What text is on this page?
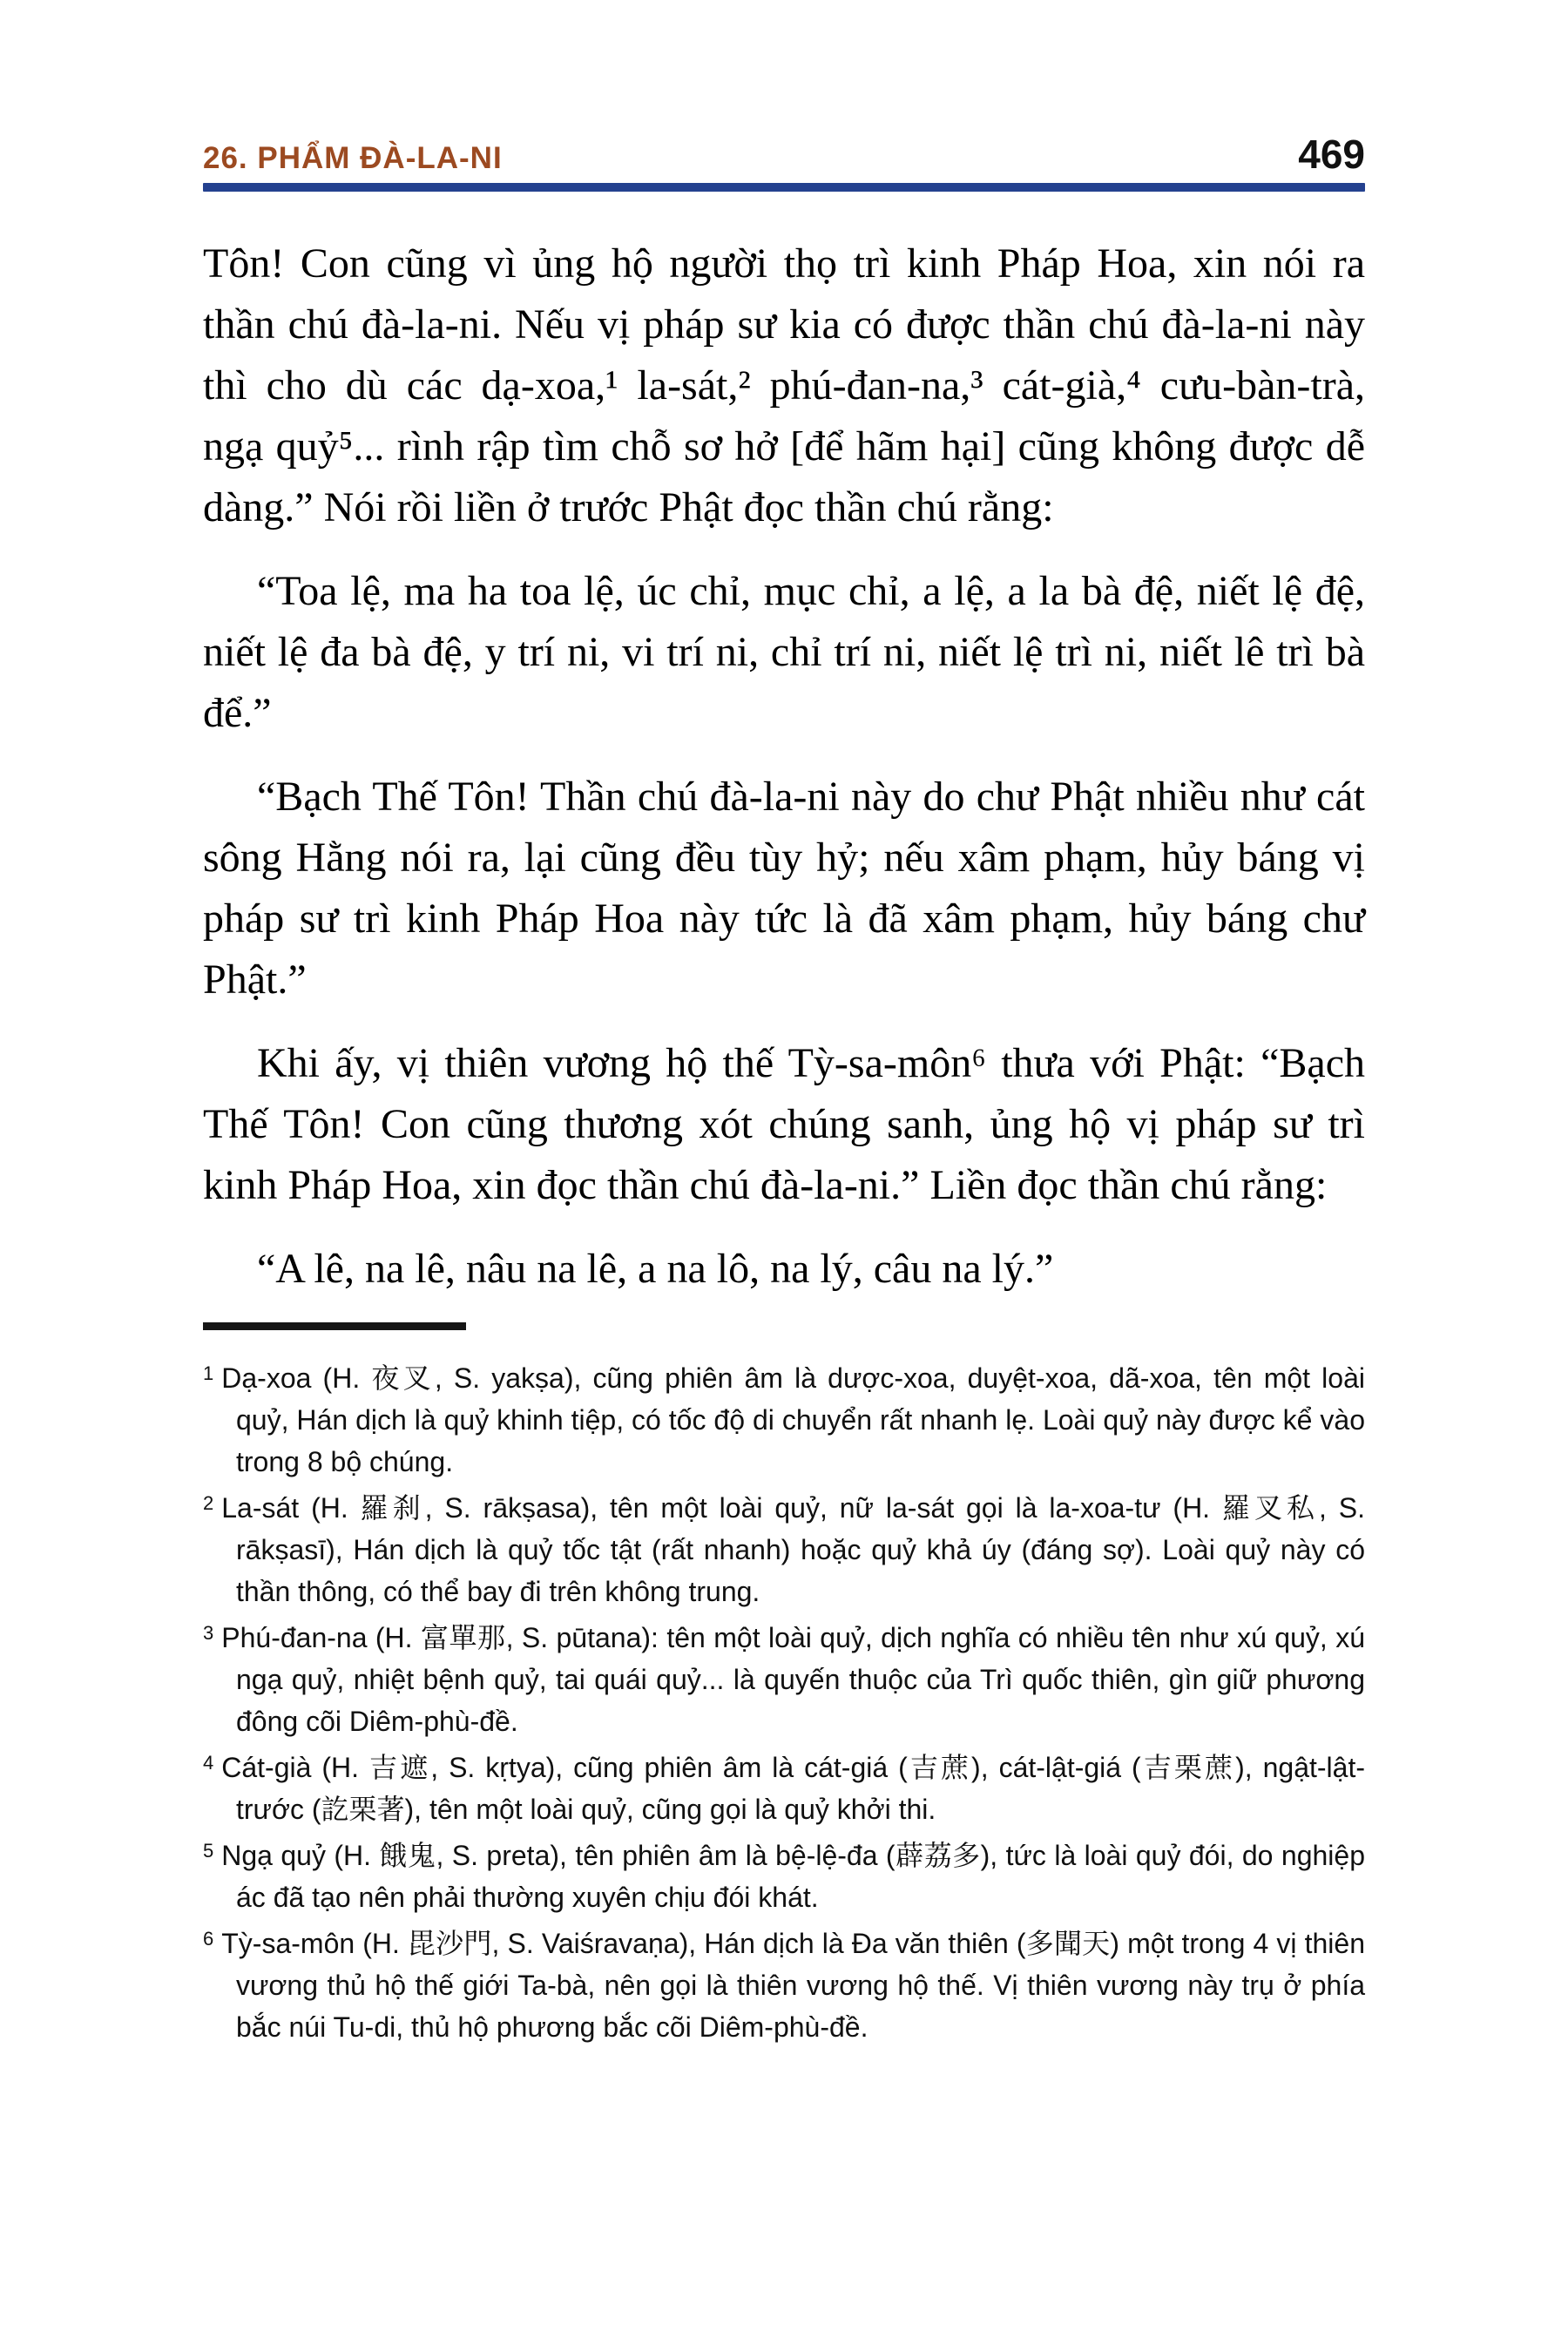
26. PHẨM ĐÀ-LA-NI	469

Tôn! Con cũng vì ủng hộ người thọ trì kinh Pháp Hoa, xin nói ra thần chú đà-la-ni. Nếu vị pháp sư kia có được thần chú đà-la-ni này thì cho dù các dạ-xoa,¹ la-sát,² phú-đan-na,³ cát-già,⁴ cưu-bàn-trà, ngạ quỷ⁵... rình rập tìm chỗ sơ hở [để hãm hại] cũng không được dễ dàng.” Nói rồi liền ở trước Phật đọc thần chú rằng:

“Toa lệ, ma ha toa lệ, úc chỉ, mục chỉ, a lệ, a la bà đệ, niết lệ đệ, niết lệ đa bà đệ, y trí ni, vi trí ni, chỉ trí ni, niết lệ trì ni, niết lê trì bà để.”

“Bạch Thế Tôn! Thần chú đà-la-ni này do chư Phật nhiều như cát sông Hằng nói ra, lại cũng đều tùy hỷ; nếu xâm phạm, hủy báng vị pháp sư trì kinh Pháp Hoa này tức là đã xâm phạm, hủy báng chư Phật.”

Khi ấy, vị thiên vương hộ thế Tỳ-sa-môn⁶ thưa với Phật: “Bạch Thế Tôn! Con cũng thương xót chúng sanh, ủng hộ vị pháp sư trì kinh Pháp Hoa, xin đọc thần chú đà-la-ni.” Liền đọc thần chú rằng:

“A lê, na lê, nâu na lê, a na lô, na lý, câu na lý.”

1 Dạ-xoa (H. 夜叉, S. yakṣa), cũng phiên âm là dược-xoa, duyệt-xoa, dã-xoa, tên một loài quỷ, Hán dịch là quỷ khinh tiệp, có tốc độ di chuyển rất nhanh lẹ. Loài quỷ này được kể vào trong 8 bộ chúng.

2 La-sát (H. 羅刹, S. rākṣasa), tên một loài quỷ, nữ la-sát gọi là la-xoa-tư (H. 羅叉私, S. rākṣasī), Hán dịch là quỷ tốc tật (rất nhanh) hoặc quỷ khả úy (đáng sợ). Loài quỷ này có thần thông, có thể bay đi trên không trung.

3 Phú-đan-na (H. 富單那, S. pūtana): tên một loài quỷ, dịch nghĩa có nhiều tên như xú quỷ, xú ngạ quỷ, nhiệt bệnh quỷ, tai quái quỷ... là quyến thuộc của Trì quốc thiên, gìn giữ phương đông cõi Diêm-phù-đề.

4 Cát-già (H. 吉遮, S. kṛtya), cũng phiên âm là cát-giá (吉蔗), cát-lật-giá (吉栗蔗), ngật-lật-trước (訖栗著), tên một loài quỷ, cũng gọi là quỷ khởi thi.

5 Ngạ quỷ (H. 餓鬼, S. preta), tên phiên âm là bệ-lệ-đa (薜荔多), tức là loài quỷ đói, do nghiệp ác đã tạo nên phải thường xuyên chịu đói khát.

6 Tỳ-sa-môn (H. 毘沙門, S. Vaiśravaṇa), Hán dịch là Đa văn thiên (多聞天) một trong 4 vị thiên vương thủ hộ thế giới Ta-bà, nên gọi là thiên vương hộ thế. Vị thiên vương này trụ ở phía bắc núi Tu-di, thủ hộ phương bắc cõi Diêm-phù-đề.
